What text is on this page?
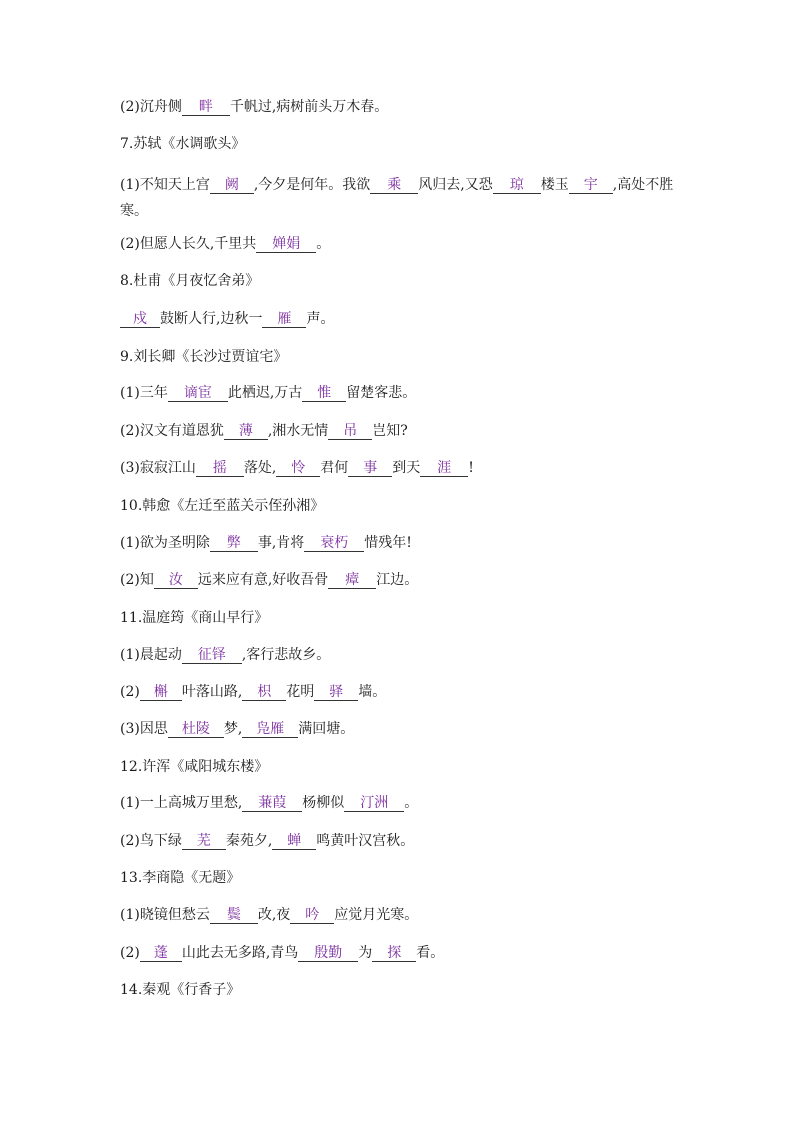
(2)沉舟侧 畔 千帆过,病树前头万木春。
7.苏轼《水调歌头》
(1)不知天上宫 阙 ,今夕是何年。我欲 乘 风归去,又恐 琼 楼玉 宇 ,高处不胜寒。
(2)但愿人长久,千里共 婵娟 。
8.杜甫《月夜忆舍弟》
戍 鼓断人行,边秋一 雁 声。
9.刘长卿《长沙过贾谊宅》
(1)三年 谪宦 此栖迟,万古 惟 留楚客悲。
(2)汉文有道恩犹 薄 ,湘水无情 吊 岂知?
(3)寂寂江山 摇 落处, 怜 君何 事 到天 涯 !
10.韩愈《左迁至蓝关示侄孙湘》
(1)欲为圣明除 弊 事,肯将 衰朽 惜残年!
(2)知 汝 远来应有意,好收吾骨 瘴 江边。
11.温庭筠《商山早行》
(1)晨起动 征铎 ,客行悲故乡。
(2) 槲 叶落山路, 枳 花明 驿 墙。
(3)因思 杜陵 梦, 凫雁 满回塘。
12.许浑《咸阳城东楼》
(1)一上高城万里愁, 蒹葭 杨柳似 汀洲 。
(2)鸟下绿 芜 秦苑夕, 蝉 鸣黄叶汉宫秋。
13.李商隐《无题》
(1)晓镜但愁云 鬓 改,夜 吟 应觉月光寒。
(2) 蓬 山此去无多路,青鸟 殷勤 为 探 看。
14.秦观《行香子》
